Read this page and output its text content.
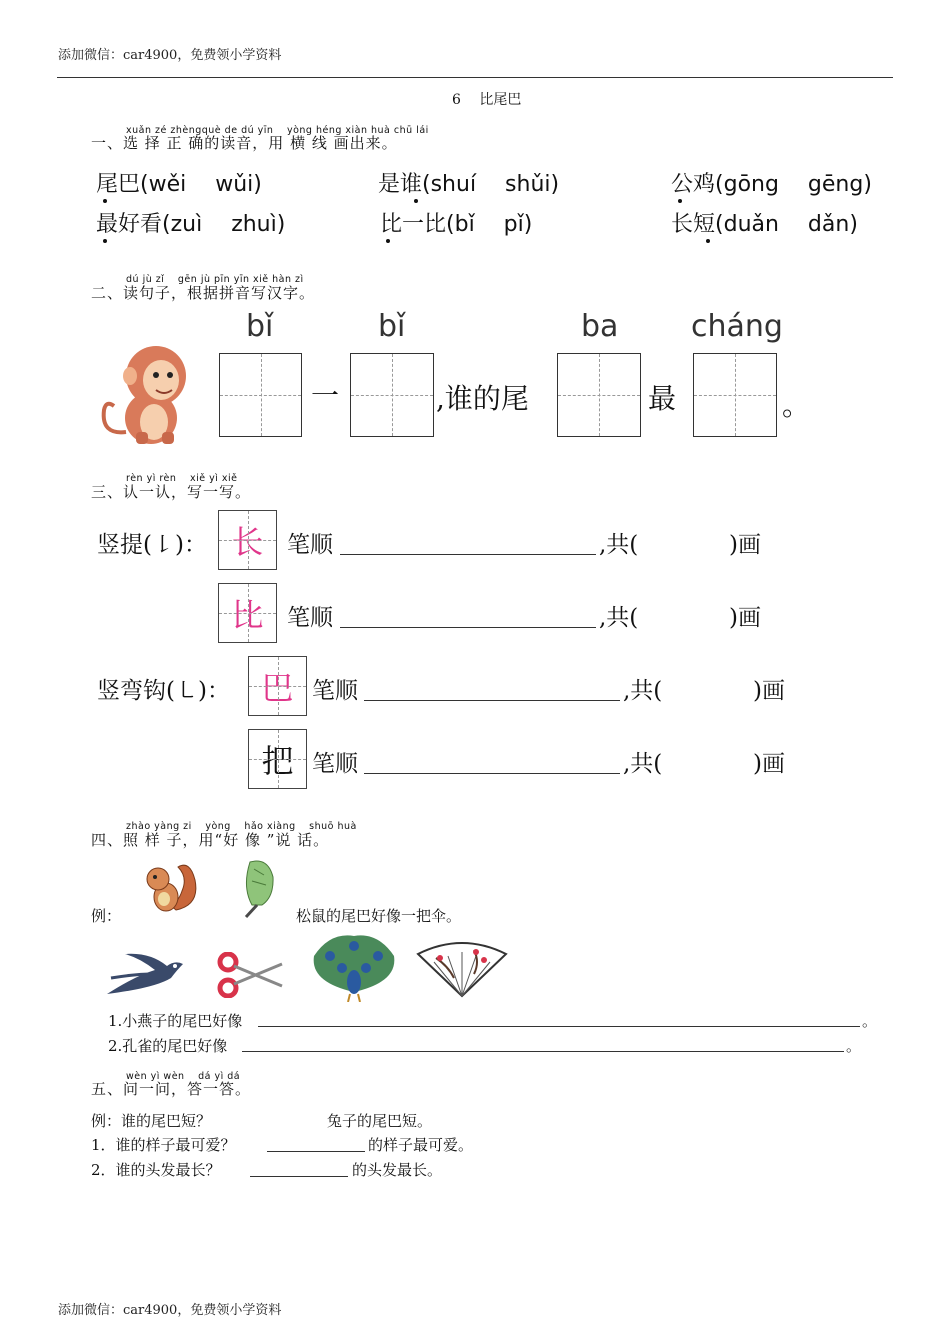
添加微信：car4900，免费领小学资料
6 比尾巴
xuǎn zé zhèngquè de dú yīn　 yòng héng xiàn huà chū lái
一、选 择 正 确的读音，用 横 线 画出来。
尾巴(wěi　 wǔi)	是谁(shuí　 shǔi)	公鸡(gōng　 gēng)
最好看(zuì　 zhuì)	比一比(bǐ　 pǐ)	长短(duǎn　 dǎn)
dú jù zǐ　 gēn jù pīn yīn xiě hàn zì
二、读句子，根据拼音写汉字。
bǐ	bǐ	ba cháng
一	,谁的尾	最	。
rèn yì rèn　 xiě yì xiě
三、认一认，写一写。
竖提(㇙)： 长	笔顺	,共(	)画
比 笔顺	,共(	)画
竖弯钩(㇄)： 巴 笔顺	,共(	)画
把 笔顺	,共(	)画
zhào yàng zi　 yòng　 hǎo xiàng　 shuō huà
四、照 样 子，用“好 像 ”说 话。
例：	松鼠的尾巴好像一把伞。
1.小燕子的尾巴好像	。
2.孔雀的尾巴好像	。
wèn yì wèn　 dá yì dá
五、问一问，答一答。
例：谁的尾巴短？	兔子的尾巴短。
1．谁的样子最可爱？	的样子最可爱。
2．谁的头发最长？	的头发最长。
添加微信：car4900，免费领小学资料
